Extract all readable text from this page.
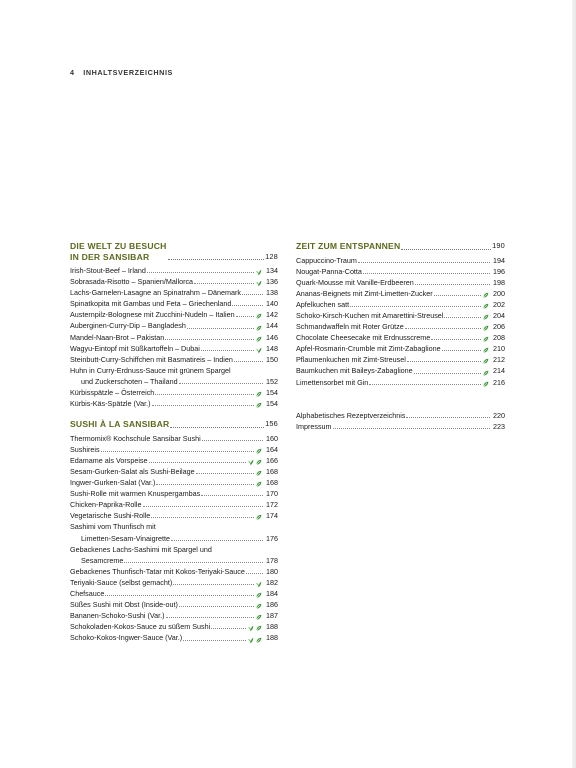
4 INHALTSVERZEICHNIS
DIE WELT ZU BESUCH
IN DER SANSIBAR	128
Irish-Stout-Beef – Irland	134
Sobrasada-Risotto – Spanien/Mallorca	136
Lachs-Garnelen-Lasagne an Spinatrahm – Dänemark	138
Spinatkopita mit Gambas und Feta – Griechenland	140
Austernpilz-Bolognese mit Zucchini-Nudeln – Italien	142
Auberginen-Curry-Dip – Bangladesh	144
Mandel-Naan-Brot – Pakistan	146
Wagyu-Eintopf mit Süßkartoffeln – Dubai	148
Steinbutt-Curry-Schiffchen mit Basmatireis – Indien	150
Huhn in Curry-Erdnuss-Sauce mit grünem Spargel
und Zuckerschoten – Thailand	152
Kürbisspätzle – Österreich	154
Kürbis-Käs-Spätzle (Var.)	154
SUSHI À LA SANSIBAR	156
Thermomix® Kochschule Sansibar Sushi	160
Sushireis	164
Edamame als Vorspeise	166
Sesam-Gurken-Salat als Sushi-Beilage	168
Ingwer-Gurken-Salat (Var.)	168
Sushi-Rolle mit warmen Knuspergambas	170
Chicken-Paprika-Rolle	172
Vegetarische Sushi-Rolle	174
Sashimi vom Thunfisch mit
Limetten-Sesam-Vinaigrette	176
Gebackenes Lachs-Sashimi mit Spargel und
Sesamcreme	178
Gebackenes Thunfisch-Tatar mit Kokos-Teriyaki-Sauce	180
Teriyaki-Sauce (selbst gemacht)	182
Chefsauce	184
Süßes Sushi mit Obst (Inside-out)	186
Bananen-Schoko-Sushi (Var.)	187
Schokoladen-Kokos-Sauce zu süßem Sushi	188
Schoko-Kokos-Ingwer-Sauce (Var.)	188
ZEIT ZUM ENTSPANNEN	190
Cappuccino-Traum	194
Nougat-Panna-Cotta	196
Quark-Mousse mit Vanille-Erdbeeren	198
Ananas-Beignets mit Zimt-Limetten-Zucker	200
Apfelkuchen satt	202
Schoko-Kirsch-Kuchen mit Amarettini-Streusel	204
Schmandwaffeln mit Roter Grütze	206
Chocolate Cheesecake mit Erdnusscreme	208
Apfel-Rosmarin-Crumble mit Zimt-Zabaglione	210
Pflaumenkuchen mit Zimt-Streusel	212
Baumkuchen mit Baileys-Zabaglione	214
Limettensorbet mit Gin	216
Alphabetisches Rezeptverzeichnis	220
Impressum	223
